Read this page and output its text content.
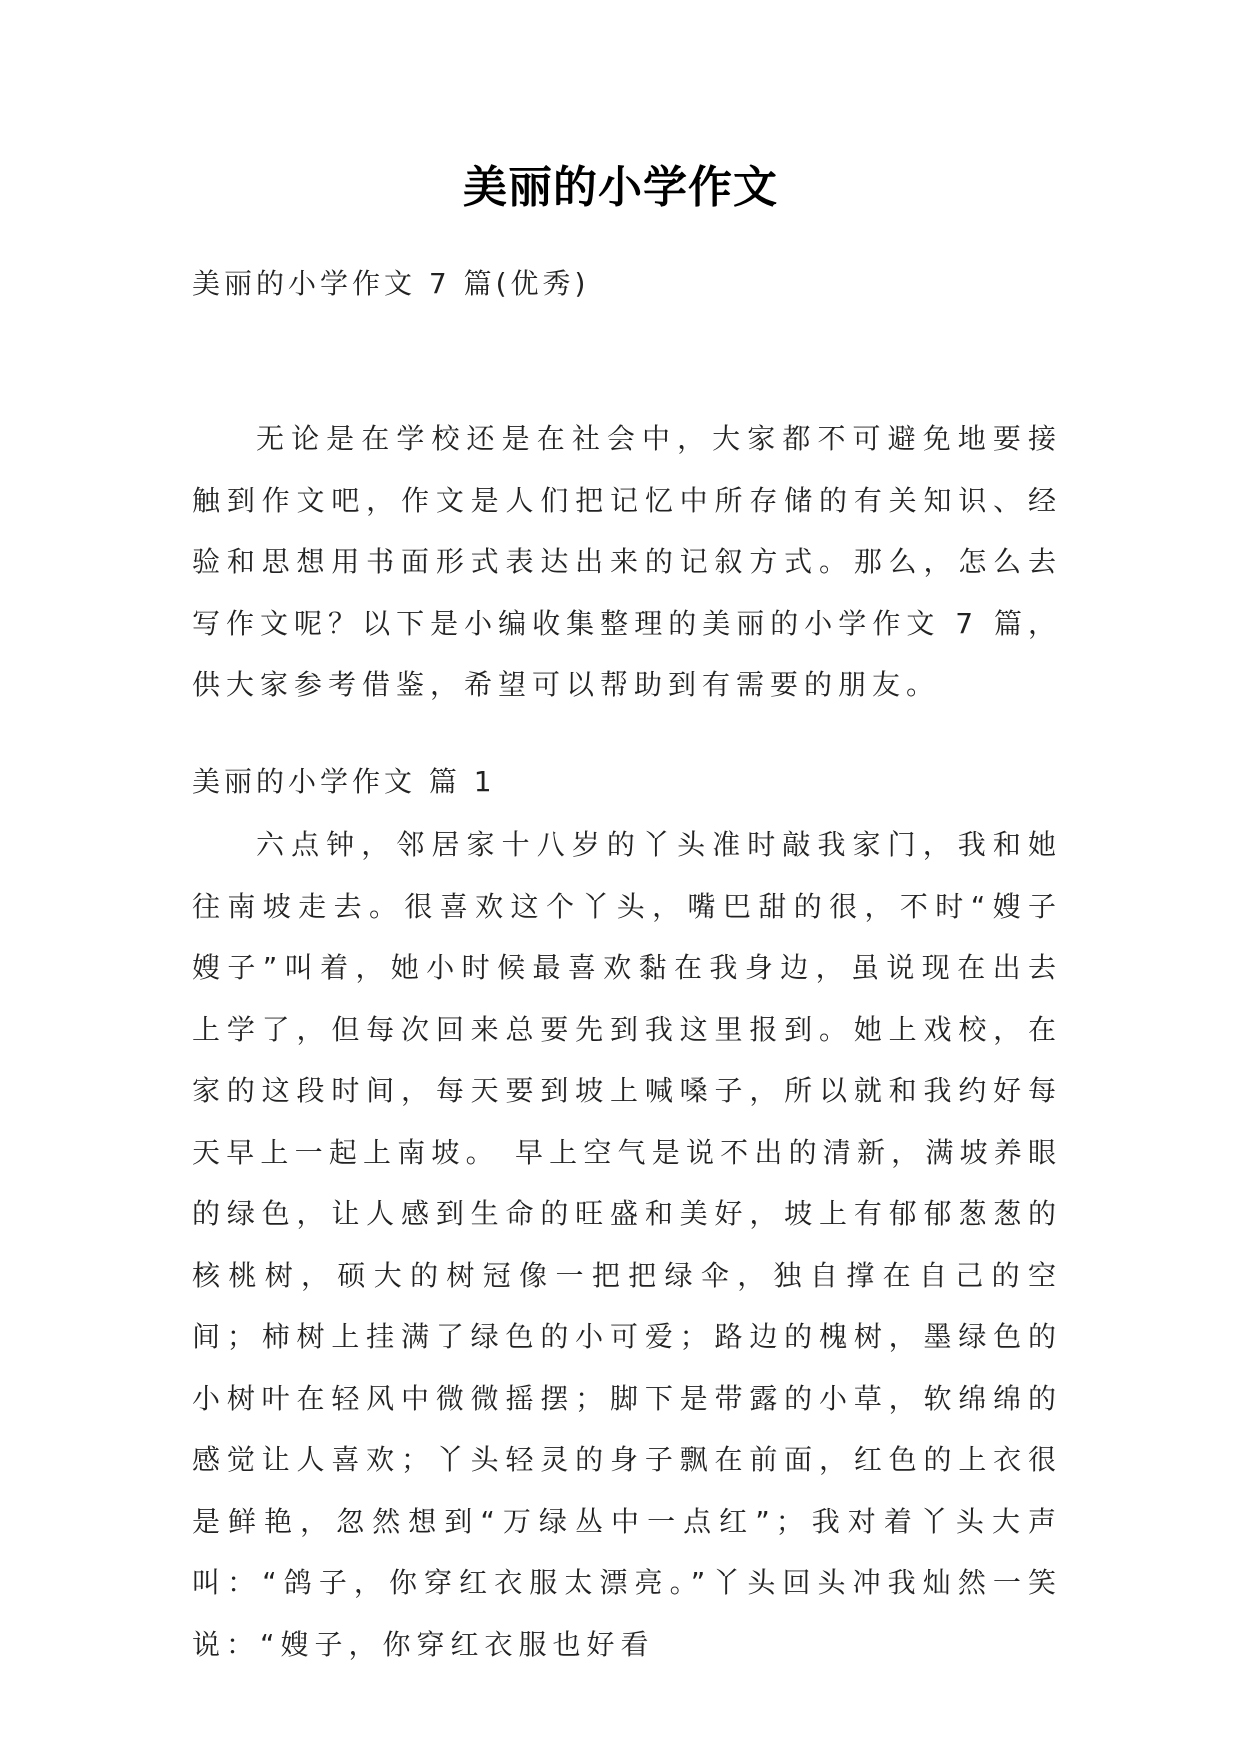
美丽的小学作文
美丽的小学作文 7 篇(优秀)

无论是在学校还是在社会中，大家都不可避免地要接触到作文吧，作文是人们把记忆中所存储的有关知识、经验和思想用书面形式表达出来的记叙方式。那么，怎么去写作文呢？以下是小编收集整理的美丽的小学作文 7 篇，供大家参考借鉴，希望可以帮助到有需要的朋友。

美丽的小学作文 篇 1

六点钟，邻居家十八岁的丫头准时敲我家门，我和她往南坡走去。很喜欢这个丫头，嘴巴甜的很，不时“嫂子嫂子”叫着，她小时候最喜欢黏在我身边，虽说现在出去上学了，但每次回来总要先到我这里报到。她上戏校，在家的这段时间，每天要到坡上喊嗓子，所以就和我约好每天早上一起上南坡。 早上空气是说不出的清新，满坡养眼的绿色，让人感到生命的旺盛和美好，坡上有郁郁葱葱的核桃树，硕大的树冠像一把把绿伞，独自撑在自己的空间；柿树上挂满了绿色的小可爱；路边的槐树，墨绿色的小树叶在轻风中微微摇摆；脚下是带露的小草，软绵绵的感觉让人喜欢；丫头轻灵的身子飘在前面，红色的上衣很是鲜艳，忽然想到“万绿丛中一点红”；我对着丫头大声叫：“鸽子，你穿红衣服太漂亮。”丫头回头冲我灿然一笑说：“嫂子，你穿红衣服也好看
